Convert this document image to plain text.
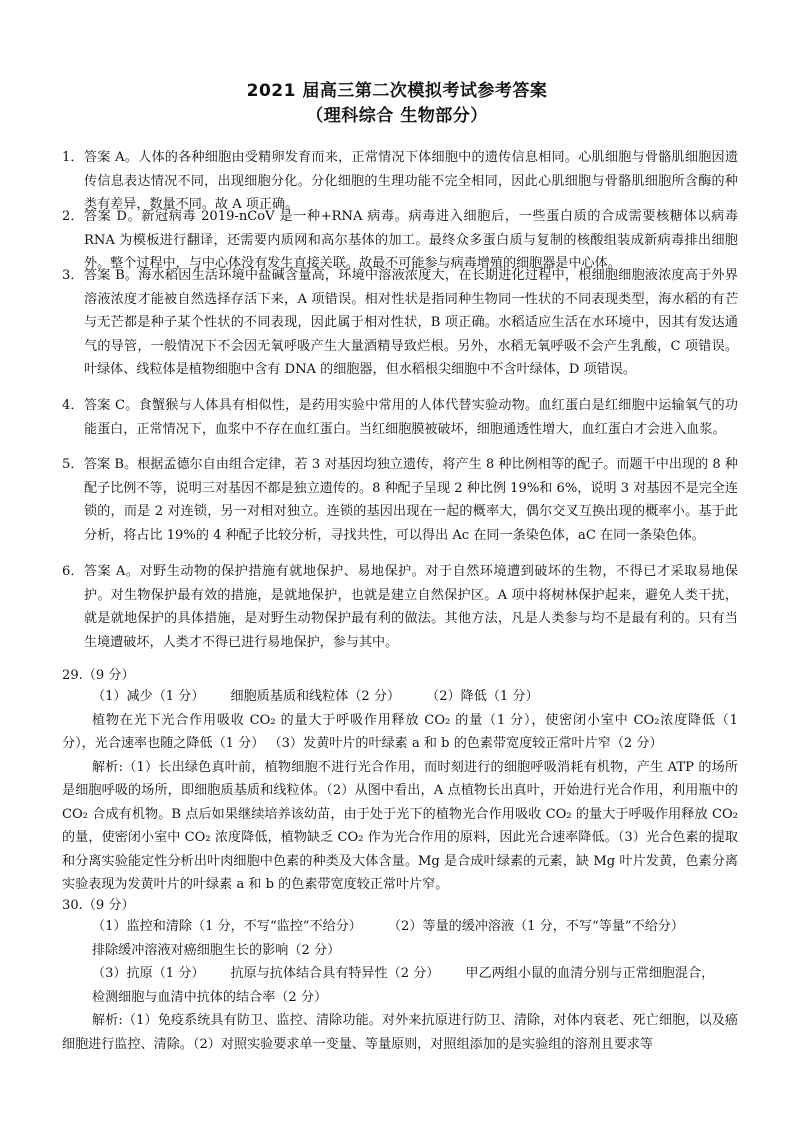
2021 届高三第二次模拟考试参考答案
（理科综合 生物部分）
1． 答案 A。人体的各种细胞由受精卵发育而来，正常情况下体细胞中的遗传信息相同。心肌细胞与骨骼肌细胞因遗传信息表达情况不同，出现细胞分化。分化细胞的生理功能不完全相同，因此心肌细胞与骨骼肌细胞所含酶的种类有差异，数量不同。故 A 项正确。
2． 答案 D。新冠病毒 2019-nCoV 是一种+RNA 病毒。病毒进入细胞后，一些蛋白质的合成需要核糖体以病毒 RNA 为模板进行翻译，还需要内质网和高尔基体的加工。最终众多蛋白质与复制的核酸组装成新病毒排出细胞外。整个过程中，与中心体没有发生直接关联。故最不可能参与病毒增殖的细胞器是中心体。
3． 答案 B。海水稻因生活环境中盐碱含量高，环境中溶液浓度大，在长期进化过程中，根细胞细胞液浓度高于外界溶液浓度才能被自然选择存活下来，A 项错误。相对性状是指同种生物同一性状的不同表现类型，海水稻的有芒与无芒都是种子某个性状的不同表现，因此属于相对性状，B 项正确。水稻适应生活在水环境中，因其有发达通气的导管，一般情况下不会因无氧呼吸产生大量酒精导致烂根。另外，水稻无氧呼吸不会产生乳酸，C 项错误。叶绿体、线粒体是植物细胞中含有 DNA 的细胞器，但水稻根尖细胞中不含叶绿体，D 项错误。
4． 答案 C。食蟹猴与人体具有相似性，是药用实验中常用的人体代替实验动物。血红蛋白是红细胞中运输氧气的功能蛋白，正常情况下，血浆中不存在血红蛋白。当红细胞膜被破坏，细胞通透性增大，血红蛋白才会进入血浆。
5． 答案 B。根据孟德尔自由组合定律，若 3 对基因均独立遗传，将产生 8 种比例相等的配子。而题干中出现的 8 种配子比例不等，说明三对基因不都是独立遗传的。8 种配子呈现 2 种比例 19%和 6%，说明 3 对基因不是完全连锁的，而是 2 对连锁，另一对相对独立。连锁的基因出现在一起的概率大，偶尔交叉互换出现的概率小。基于此分析，将占比 19%的 4 种配子比较分析，寻找共性，可以得出 Ac 在同一条染色体，aC 在同一条染色体。
6． 答案 A。对野生动物的保护措施有就地保护、易地保护。对于自然环境遭到破坏的生物，不得已才采取易地保护。对生物保护最有效的措施，是就地保护，也就是建立自然保护区。A 项中将树林保护起来，避免人类干扰，就是就地保护的具体措施，是对野生动物保护最有利的做法。其他方法，凡是人类参与均不是最有利的。只有当生境遭破坏，人类才不得已进行易地保护，参与其中。
29.（9 分）

（1）减少（1 分） 细胞质基质和线粒体（2 分） （2）降低（1 分）

植物在光下光合作用吸收 CO₂ 的量大于呼吸作用释放 CO₂ 的量（1 分），使密闭小室中 CO₂浓度降低（1 分），光合速率也随之降低（1 分） （3）发黄叶片的叶绿素 a 和 b 的色素带宽度较正常叶片窄（2 分）

解析:（1）长出绿色真叶前，植物细胞不进行光合作用，而时刻进行的细胞呼吸消耗有机物，产生 ATP 的场所是细胞呼吸的场所，即细胞质基质和线粒体。（2）从图中看出，A 点植物长出真叶，开始进行光合作用，利用瓶中的 CO₂ 合成有机物。B 点后如果继续培养该幼苗，由于处于光下的植物光合作用吸收 CO₂ 的量大于呼吸作用释放 CO₂ 的量，使密闭小室中 CO₂ 浓度降低，植物缺乏 CO₂ 作为光合作用的原料，因此光合速率降低。（3）光合色素的提取和分离实验能定性分析出叶肉细胞中色素的种类及大体含量。Mg 是合成叶绿素的元素，缺 Mg 叶片发黄，色素分离实验表现为发黄叶片的叶绿素 a 和 b 的色素带宽度较正常叶片窄。

30.（9 分）

（1）监控和清除（1 分，不写“监控”不给分） （2）等量的缓冲溶液（1 分，不写“等量”不给分）

排除缓冲溶液对癌细胞生长的影响（2 分）

（3）抗原（1 分） 抗原与抗体结合具有特异性（2 分） 甲乙两组小鼠的血清分别与正常细胞混合，

检测细胞与血清中抗体的结合率（2 分）

解析:（1）免疫系统具有防卫、监控、清除功能。对外来抗原进行防卫、清除，对体内衰老、死亡细胞，以及癌细胞进行监控、清除。（2）对照实验要求单一变量、等量原则，对照组添加的是实验组的溶剂且要求等
